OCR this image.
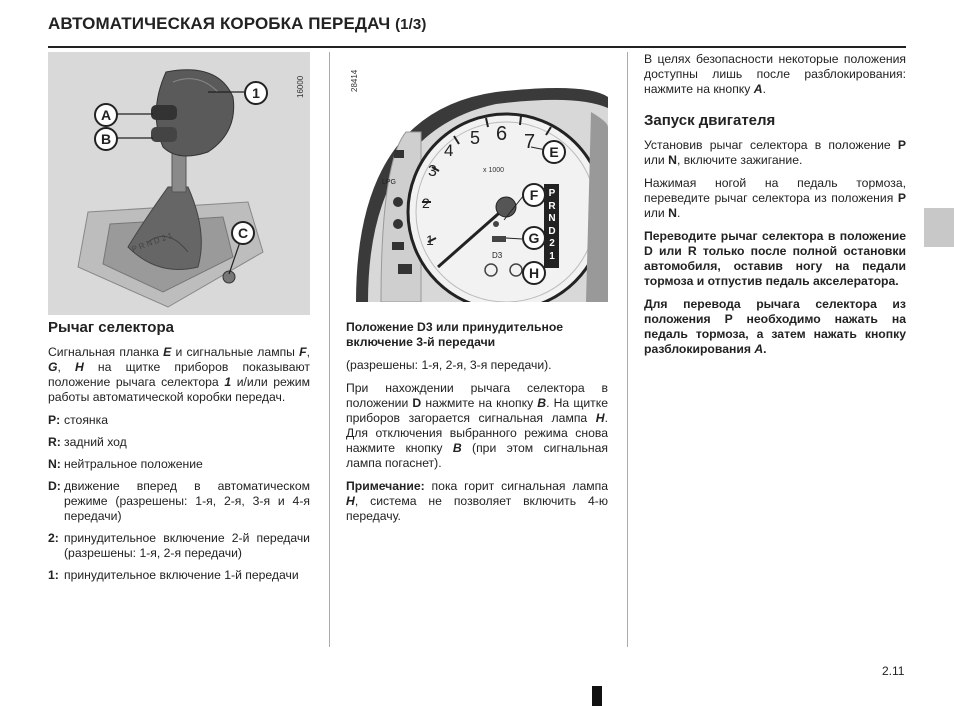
АВТОМАТИЧЕСКАЯ КОРОБКА ПЕРЕДАЧ (1/3)
P R N D 2 1
1
A
B
C
16000
1
2
3
4
5 6 7
x 1000
LPG
D3
P
R
N
D
2
1
E
F
G
H
28414
Рычаг селектора

Сигнальная планка E и сигнальные лампы F, G, H на щитке приборов показывают положение рычага селектора 1 и/или режим работы автоматической коробки передач.

P: стоянка
R: задний ход
N: нейтральное положение
D: движение вперед в автоматическом режиме (разрешены: 1-я, 2-я, 3-я и 4-я передачи)
2: принудительное включение 2-й передачи (разрешены: 1-я, 2-я передачи)
1: принудительное включение 1-й передачи

Положение D3 или принудительное включение 3-й передачи

(разрешены: 1-я, 2-я, 3-я передачи).

При нахождении рычага селектора в положении D нажмите на кнопку B. На щитке приборов загорается сигнальная лампа H. Для отключения выбранного режима снова нажмите кнопку B (при этом сигнальная лампа погаснет).

Примечание: пока горит сигнальная лампа H, система не позволяет включить 4-ю передачу.

В целях безопасности некоторые положения доступны лишь после разблокирования: нажмите на кнопку A.

Запуск двигателя

Установив рычаг селектора в положение P или N, включите зажигание.

Нажимая ногой на педаль тормоза, переведите рычаг селектора из положения P или N.

Переводите рычаг селектора в положение D или R только после полной остановки автомобиля, оставив ногу на педали тормоза и отпустив педаль акселератора.

Для перевода рычага селектора из положения P необходимо нажать на педаль тормоза, а затем нажать кнопку разблокирования A.

2.11
